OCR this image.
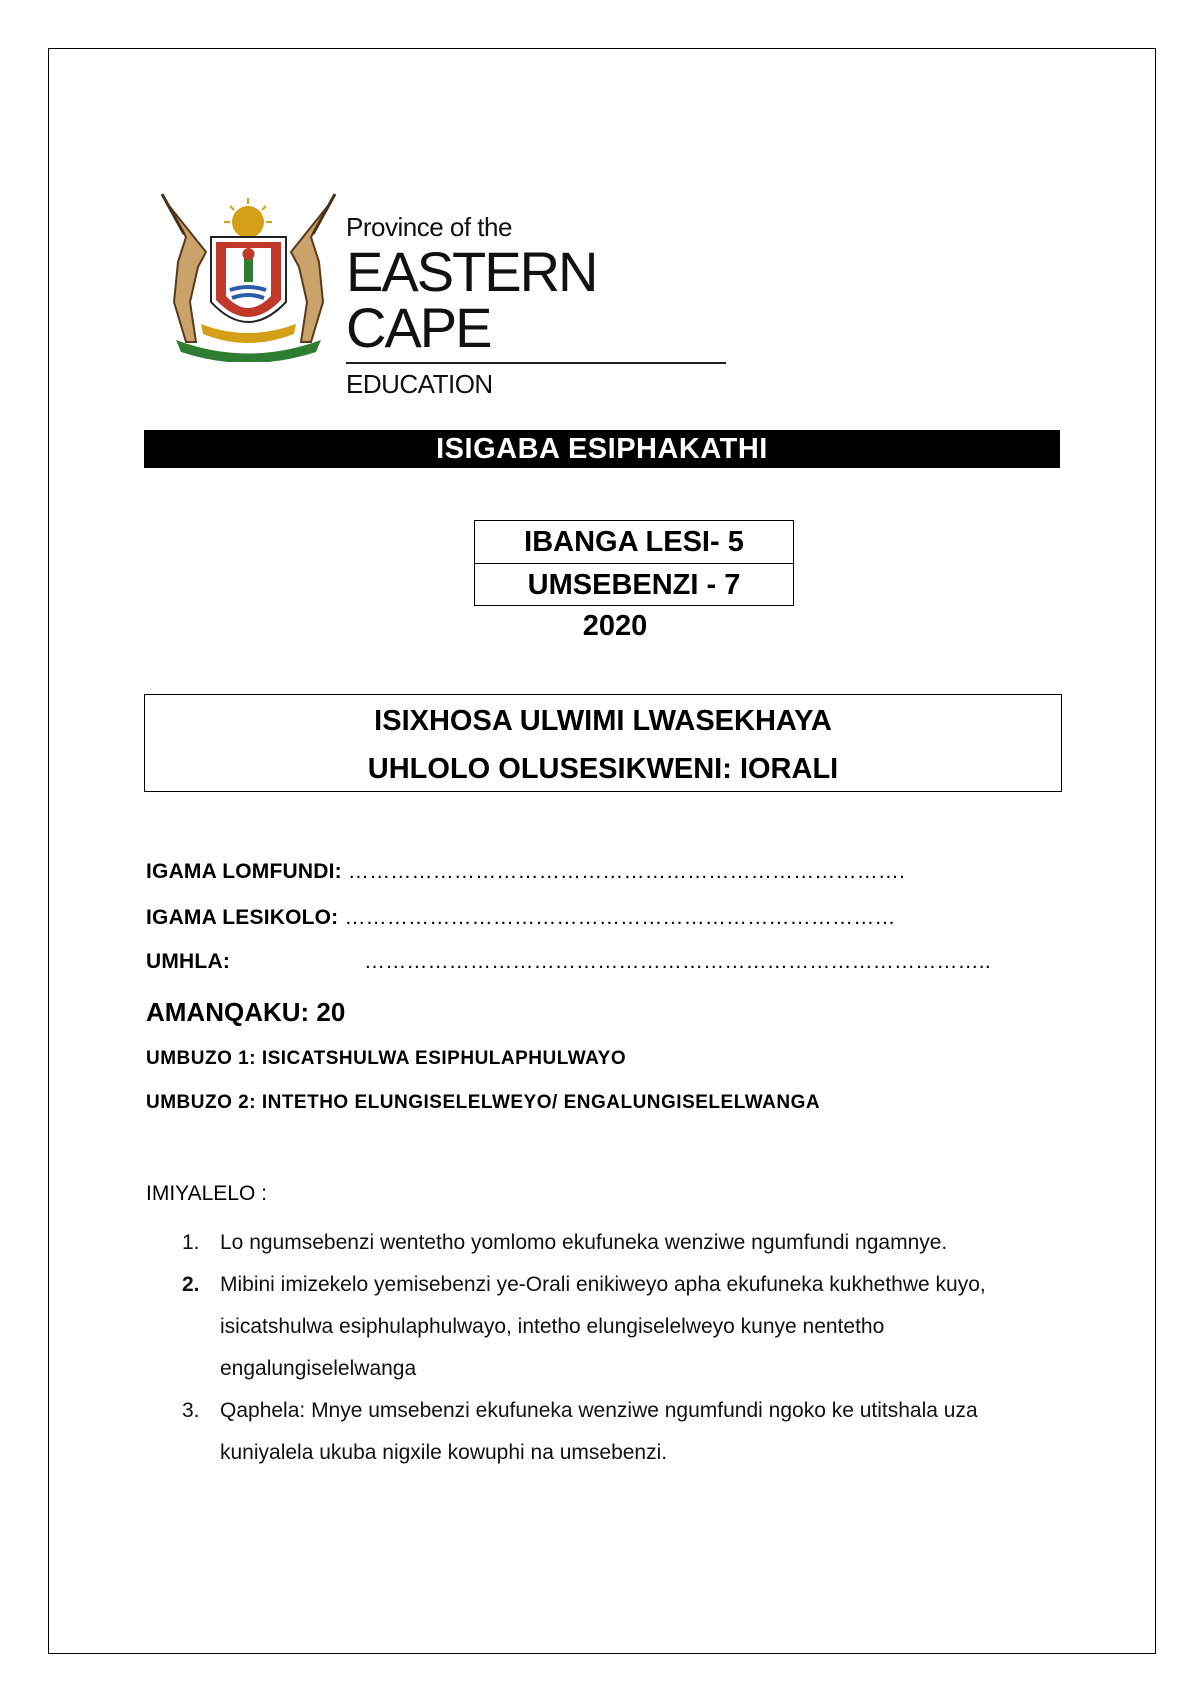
Province of the
EASTERN CAPE
EDUCATION
ISIGABA ESIPHAKATHI
IBANGA LESI- 5
UMSEBENZI - 7
2020
ISIXHOSA ULWIMI LWASEKHAYA
UHLOLO OLUSESIKWENI: IORALI
IGAMA LOMFUNDI: …………………………………………………………………….
IGAMA LESIKOLO: ……………………………………………………………………
UMHLA:	……………………………………………………………………………..
AMANQAKU: 20
UMBUZO 1: ISICATSHULWA ESIPHULAPHULWAYO
UMBUZO 2: INTETHO ELUNGISELELWEYO/ ENGALUNGISELELWANGA
IMIYALELO :
1. Lo ngumsebenzi wentetho yomlomo ekufuneka wenziwe ngumfundi ngamnye.
2. Mibini imizekelo yemisebenzi ye-Orali enikiweyo apha ekufuneka kukhethwe kuyo, isicatshulwa esiphulaphulwayo, intetho elungiselelweyo kunye nentetho engalungiselelwanga
3. Qaphela: Mnye umsebenzi ekufuneka wenziwe ngumfundi ngoko ke utitshala uza kuniyalela ukuba nigxile kowuphi na umsebenzi.
